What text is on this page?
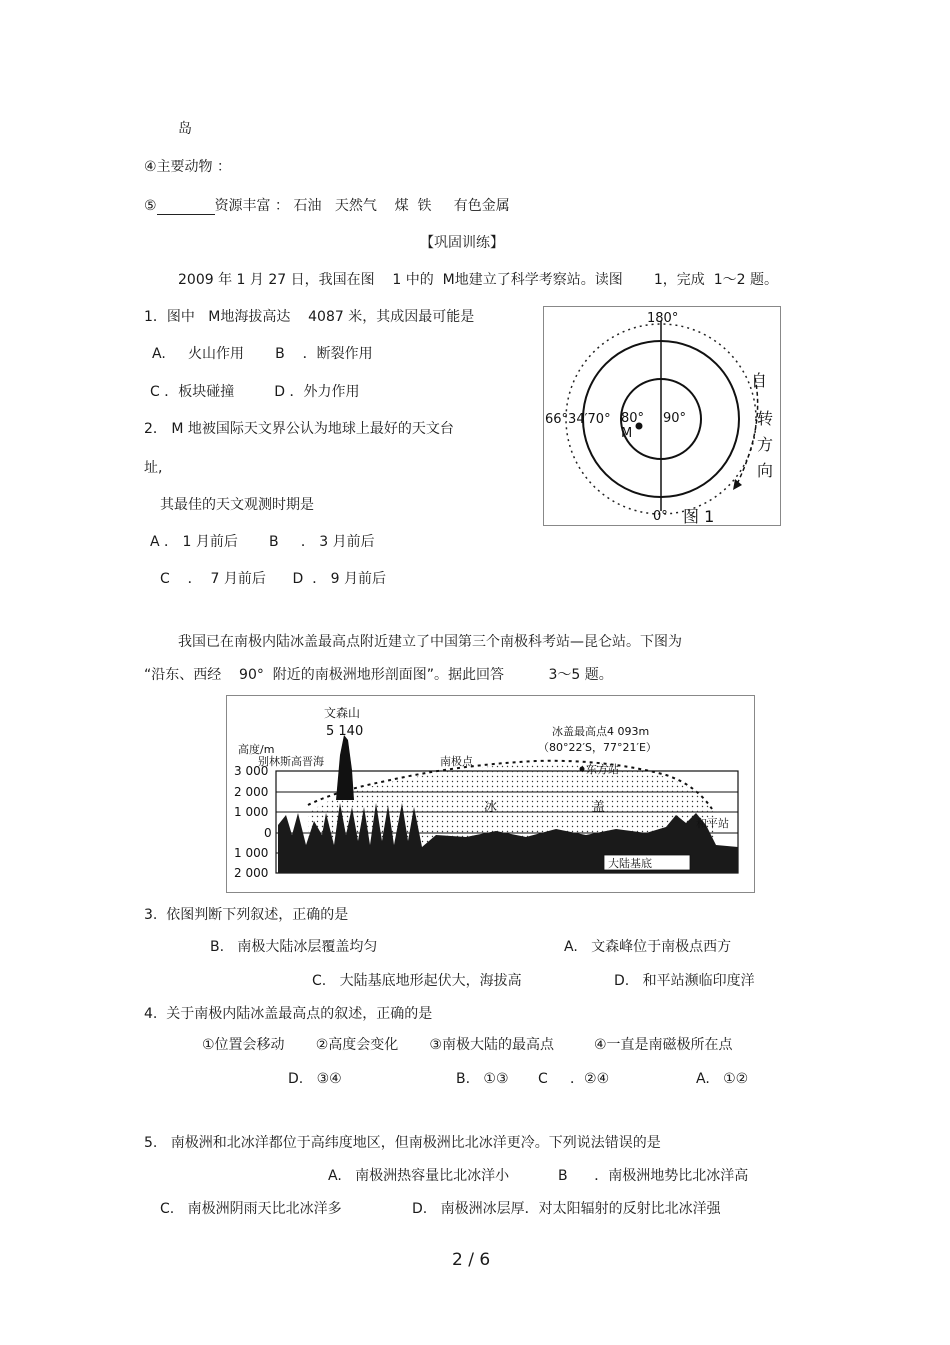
岛
④主要动物 ：
⑤	资源丰富 ： 石油   天然气    煤  铁     有色金属
【巩固训练】
2009 年 1 月 27 日，我国在图    1 中的  M地建立了科学考察站。读图       1，完成  1～2 题。
1．图中   M地海拔高达    4087 米，其成因最可能是
A.     火山作用       B    ．断裂作用
C ．板块碰撞         D ．外力作用
2． M 地被国际天文界公认为地球上最好的天文台
址,
其最佳的天文观测时期是
A ． 1 月前后       B     ． 3 月前后
C    ．  7 月前后      D  ． 9 月前后
180°
0°
66°34′70° 80° 90°
M
自
转
方
向
图 1
我国已在南极内陆冰盖最高点附近建立了中国第三个南极科考站—昆仑站。下图为
“沿东、西经    90°  附近的南极洲地形剖面图”。据此回答          3～5 题。
高度/m
3 000
2 000
1 000
0
1 000
2 000
文森山
5 140
别林斯高晋海	南极点
冰盖最高点4 093m
（80°22′S，77°21′E）
东方站
冰	盖
和平站
大陆基底
3.  依图判断下列叙述，正确的是
B.   南极大陆冰层覆盖均匀	A.   文森峰位于南极点西方
C.   大陆基底地形起伏大，海拔高	D.   和平站濒临印度洋
4.  关于南极内陆冰盖最高点的叙述，正确的是
①位置会移动       ②高度会变化       ③南极大陆的最高点         ④一直是南磁极所在点
D.   ③④	B.   ①③ C     ．②④	A.   ①②
5.   南极洲和北冰洋都位于高纬度地区，但南极洲比北冰洋更冷。下列说法错误的是
A.   南极洲热容量比北冰洋小	B      ．南极洲地势比北冰洋高
C.   南极洲阴雨天比北冰洋多	D.   南极洲冰层厚．对太阳辐射的反射比北冰洋强
2 / 6
